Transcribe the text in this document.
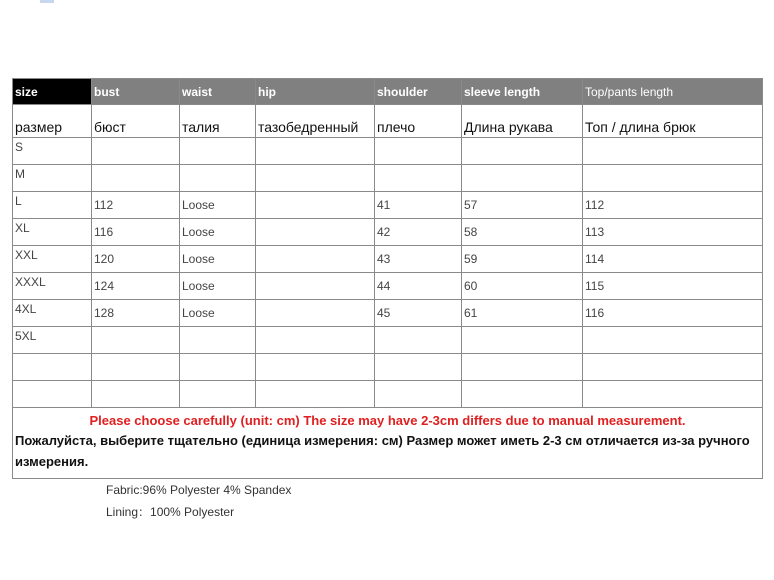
size	bust	waist	hip	shoulder	sleeve length	Top/pants length
размер	бюст	талия	тазобедренный	плечо	Длина рукава	Топ / длина брюк
S						
M						
L	112	Loose		41	57	112
XL	116	Loose		42	58	113
XXL	120	Loose		43	59	114
XXXL	124	Loose		44	60	115
4XL	128	Loose		45	61	116
5XL						

Please choose carefully (unit: cm) The size may have 2-3cm differs due to manual measurement.
Пожалуйста, выберите тщательно (единица измерения: см) Размер может иметь 2-3 см отличается из-за ручного измерения.						
Fabric:96% Polyester 4% Spandex
Lining：100% Polyester
